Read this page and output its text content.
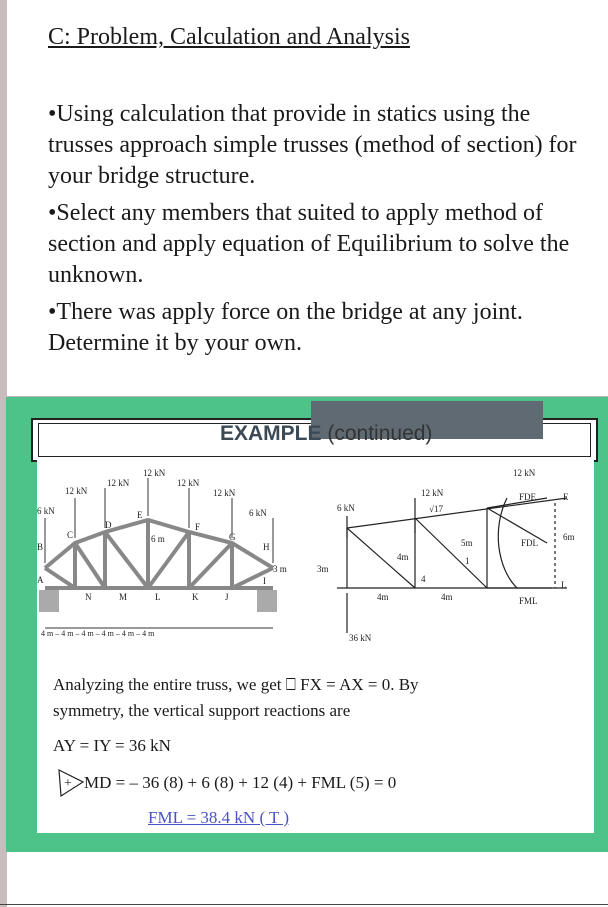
C: Problem, Calculation and Analysis
•Using calculation that provide in statics using the trusses approach simple trusses (method of section) for your bridge structure.
•Select any members that suited to apply method of section and apply equation of Equilibrium to solve the unknown.
•There was apply force on the bridge at any joint. Determine it by your own.
EXAMPLE (continued)
6 kN
12 kN
12 kN
12 kN
12 kN
12 kN
6 kN
B
C
D
E
F
G
H
A
N	M	L	K	J
I
6 m
3 m
4 m – 4 m – 4 m – 4 m – 4 m – 4 m
6 kN
12 kN
12 kN
√17
5m
4m
4m	4m
3m
36 kN
FDE	E
FDL
FML
L
6m
1
4
Analyzing the entire truss, we get ⎕ FX = AX = 0. By
symmetry, the vertical support reactions are
AY = IY = 36 kN
+ MD = – 36 (8) + 6 (8) + 12 (4) + FML (5) = 0
FML = 38.4 kN ( T )
